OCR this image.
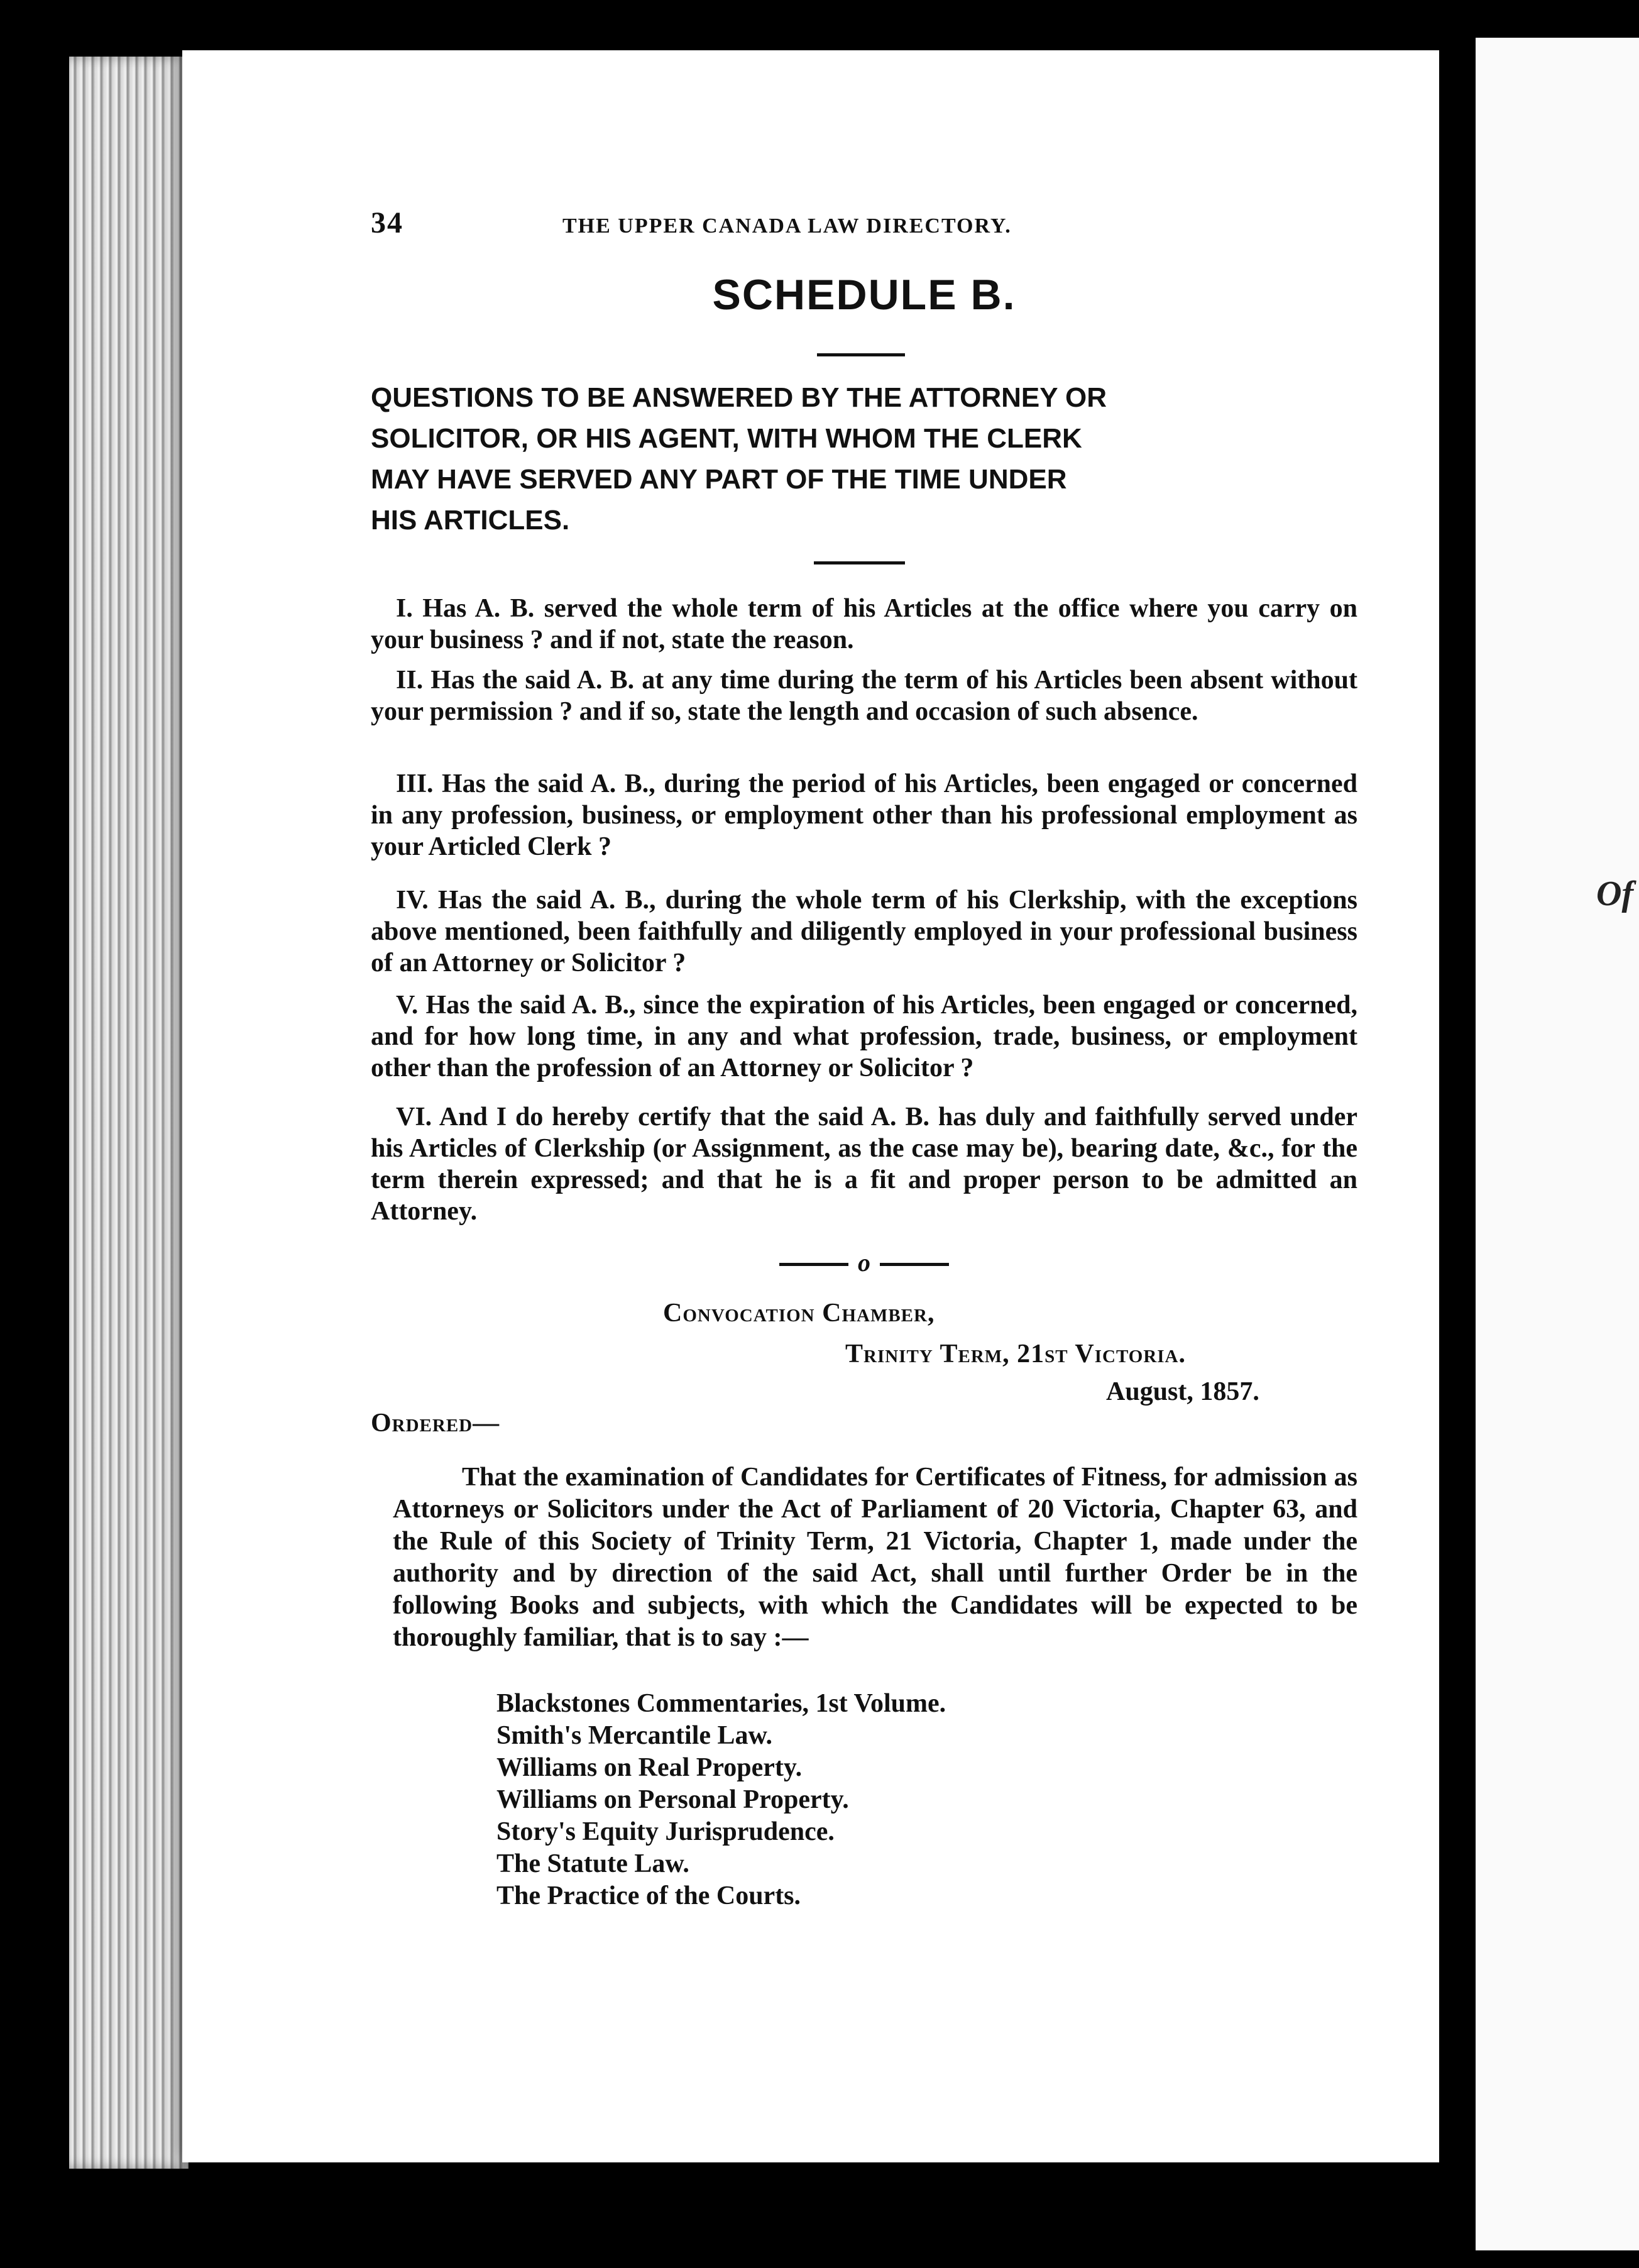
Of
34	THE UPPER CANADA LAW DIRECTORY.
SCHEDULE B.
QUESTIONS TO BE ANSWERED BY THE ATTORNEY OR
SOLICITOR, OR HIS AGENT, WITH WHOM THE CLERK
MAY HAVE SERVED ANY PART OF THE TIME UNDER
HIS ARTICLES.
I. Has A. B. served the whole term of his Articles at the office where you carry on your business ? and if not, state the reason.
II. Has the said A. B. at any time during the term of his Articles been absent without your permission ? and if so, state the length and occasion of such absence.
III. Has the said A. B., during the period of his Articles, been engaged or concerned in any profession, business, or employment other than his professional employment as your Articled Clerk ?
IV. Has the said A. B., during the whole term of his Clerkship, with the exceptions above mentioned, been faithfully and diligently employed in your professional business of an Attorney or Solicitor ?
V. Has the said A. B., since the expiration of his Articles, been engaged or concerned, and for how long time, in any and what profession, trade, business, or employment other than the profession of an Attorney or Solicitor ?
VI. And I do hereby certify that the said A. B. has duly and faithfully served under his Articles of Clerkship (or Assignment, as the case may be), bearing date, &c., for the term therein expressed; and that he is a fit and proper person to be admitted an Attorney.
o
Convocation Chamber,
Trinity Term, 21st Victoria.
August, 1857.
Ordered—
That the examination of Candidates for Certificates of Fitness, for admission as Attorneys or Solicitors under the Act of Parliament of 20 Victoria, Chapter 63, and the Rule of this Society of Trinity Term, 21 Victoria, Chapter 1, made under the authority and by direction of the said Act, shall until further Order be in the following Books and subjects, with which the Candidates will be expected to be thoroughly familiar, that is to say :—
Blackstones Commentaries, 1st Volume.
Smith's Mercantile Law.
Williams on Real Property.
Williams on Personal Property.
Story's Equity Jurisprudence.
The Statute Law.
The Practice of the Courts.
